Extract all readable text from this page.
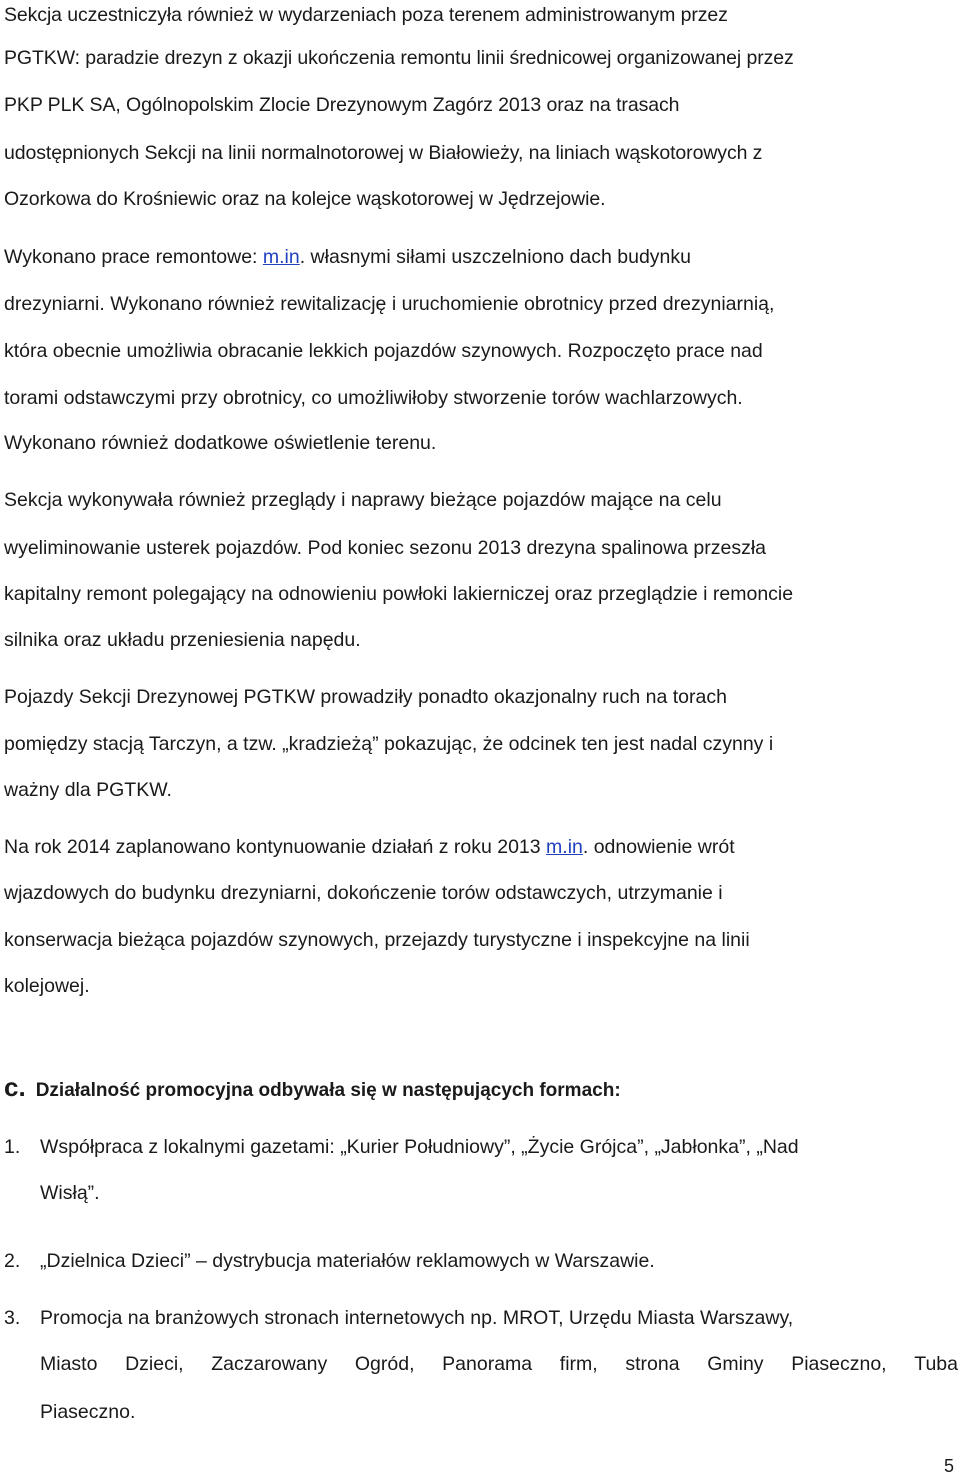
Sekcja uczestniczyła również w wydarzeniach poza terenem administrowanym przez
PGTKW: paradzie drezyn z okazji ukończenia remontu linii średnicowej organizowanej przez
PKP PLK SA, Ogólnopolskim Zlocie Drezynowym Zagórz 2013 oraz na trasach
udostępnionych Sekcji na linii normalnotorowej w Białowieży, na liniach wąskotorowych z
Ozorkowa do Krośniewic oraz na kolejce wąskotorowej w Jędrzejowie.
Wykonano prace remontowe: m.in. własnymi siłami uszczelniono dach budynku
drezyniarni. Wykonano również rewitalizację i uruchomienie obrotnicy przed drezyniarnią,
która obecnie umożliwia obracanie lekkich pojazdów szynowych. Rozpoczęto prace nad
torami odstawczymi przy obrotnicy, co umożliwiłoby stworzenie torów wachlarzowych.
Wykonano również dodatkowe oświetlenie terenu.
Sekcja wykonywała również przeglądy i naprawy bieżące pojazdów mające na celu
wyeliminowanie usterek pojazdów. Pod koniec sezonu 2013 drezyna spalinowa przeszła
kapitalny remont polegający na odnowieniu powłoki lakierniczej oraz przeglądzie i remoncie
silnika oraz układu przeniesienia napędu.
Pojazdy Sekcji Drezynowej PGTKW prowadziły ponadto okazjonalny ruch na torach
pomiędzy stacją Tarczyn, a tzw. „kradzieżą” pokazując, że odcinek ten jest nadal czynny i
ważny dla PGTKW.
Na rok 2014 zaplanowano kontynuowanie działań z roku 2013 m.in. odnowienie wrót
wjazdowych do budynku drezyniarni, dokończenie torów odstawczych, utrzymanie i
konserwacja bieżąca pojazdów szynowych, przejazdy turystyczne i inspekcyjne na linii
kolejowej.
c. Działalność promocyjna odbywała się w następujących formach:
1. Współpraca z lokalnymi gazetami: „Kurier Południowy”, „Życie Grójca”, „Jabłonka”, „Nad
Wisłą”.
2. „Dzielnica Dzieci” – dystrybucja materiałów reklamowych w Warszawie.
3. Promocja na branżowych stronach internetowych np. MROT, Urzędu Miasta Warszawy,
Miasto Dzieci, Zaczarowany Ogród, Panorama firm, strona Gminy Piaseczno, Tuba
Piaseczno.
5
